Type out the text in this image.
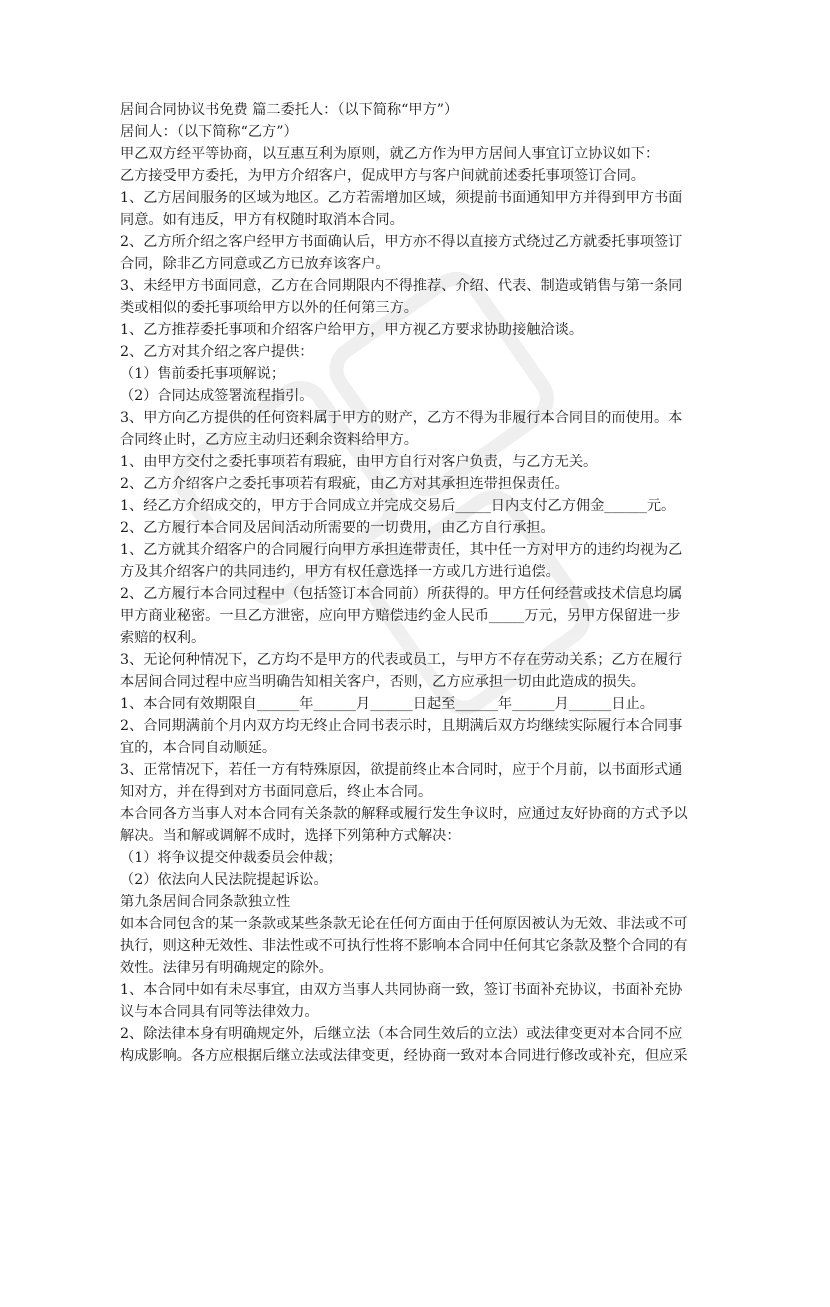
居间合同协议书免费 篇二委托人：（以下简称“甲方”）
居间人：（以下简称“乙方”）
甲乙双方经平等协商，以互惠互利为原则，就乙方作为甲方居间人事宜订立协议如下：
乙方接受甲方委托，为甲方介绍客户，促成甲方与客户间就前述委托事项签订合同。
1、乙方居间服务的区域为地区。乙方若需增加区域，须提前书面通知甲方并得到甲方书面
同意。如有违反，甲方有权随时取消本合同。
2、乙方所介绍之客户经甲方书面确认后，甲方亦不得以直接方式绕过乙方就委托事项签订
合同，除非乙方同意或乙方已放弃该客户。
3、未经甲方书面同意，乙方在合同期限内不得推荐、介绍、代表、制造或销售与第一条同
类或相似的委托事项给甲方以外的任何第三方。
1、乙方推荐委托事项和介绍客户给甲方，甲方视乙方要求协助接触洽谈。
2、乙方对其介绍之客户提供：
（1）售前委托事项解说；
（2）合同达成签署流程指引。
3、甲方向乙方提供的任何资料属于甲方的财产，乙方不得为非履行本合同目的而使用。本
合同终止时，乙方应主动归还剩余资料给甲方。
1、由甲方交付之委托事项若有瑕疵，由甲方自行对客户负责，与乙方无关。
2、乙方介绍客户之委托事项若有瑕疵，由乙方对其承担连带担保责任。
1、经乙方介绍成交的，甲方于合同成立并完成交易后_____日内支付乙方佣金______元。
2、乙方履行本合同及居间活动所需要的一切费用，由乙方自行承担。
1、乙方就其介绍客户的合同履行向甲方承担连带责任，其中任一方对甲方的违约均视为乙
方及其介绍客户的共同违约，甲方有权任意选择一方或几方进行追偿。
2、乙方履行本合同过程中（包括签订本合同前）所获得的。甲方任何经营或技术信息均属
甲方商业秘密。一旦乙方泄密，应向甲方赔偿违约金人民币_____万元，另甲方保留进一步
索赔的权利。
3、无论何种情况下，乙方均不是甲方的代表或员工，与甲方不存在劳动关系；乙方在履行
本居间合同过程中应当明确告知相关客户，否则，乙方应承担一切由此造成的损失。
1、本合同有效期限自______年______月______日起至______年______月______日止。
2、合同期满前个月内双方均无终止合同书表示时，且期满后双方均继续实际履行本合同事
宜的，本合同自动顺延。
3、正常情况下，若任一方有特殊原因，欲提前终止本合同时，应于个月前，以书面形式通
知对方，并在得到对方书面同意后，终止本合同。
本合同各方当事人对本合同有关条款的解释或履行发生争议时，应通过友好协商的方式予以
解决。当和解或调解不成时，选择下列第种方式解决：
（1）将争议提交仲裁委员会仲裁；
（2）依法向人民法院提起诉讼。
第九条居间合同条款独立性
如本合同包含的某一条款或某些条款无论在任何方面由于任何原因被认为无效、非法或不可
执行，则这种无效性、非法性或不可执行性将不影响本合同中任何其它条款及整个合同的有
效性。法律另有明确规定的除外。
1、本合同中如有未尽事宜，由双方当事人共同协商一致，签订书面补充协议，书面补充协
议与本合同具有同等法律效力。
2、除法律本身有明确规定外，后继立法（本合同生效后的立法）或法律变更对本合同不应
构成影响。各方应根据后继立法或法律变更，经协商一致对本合同进行修改或补充，但应采
